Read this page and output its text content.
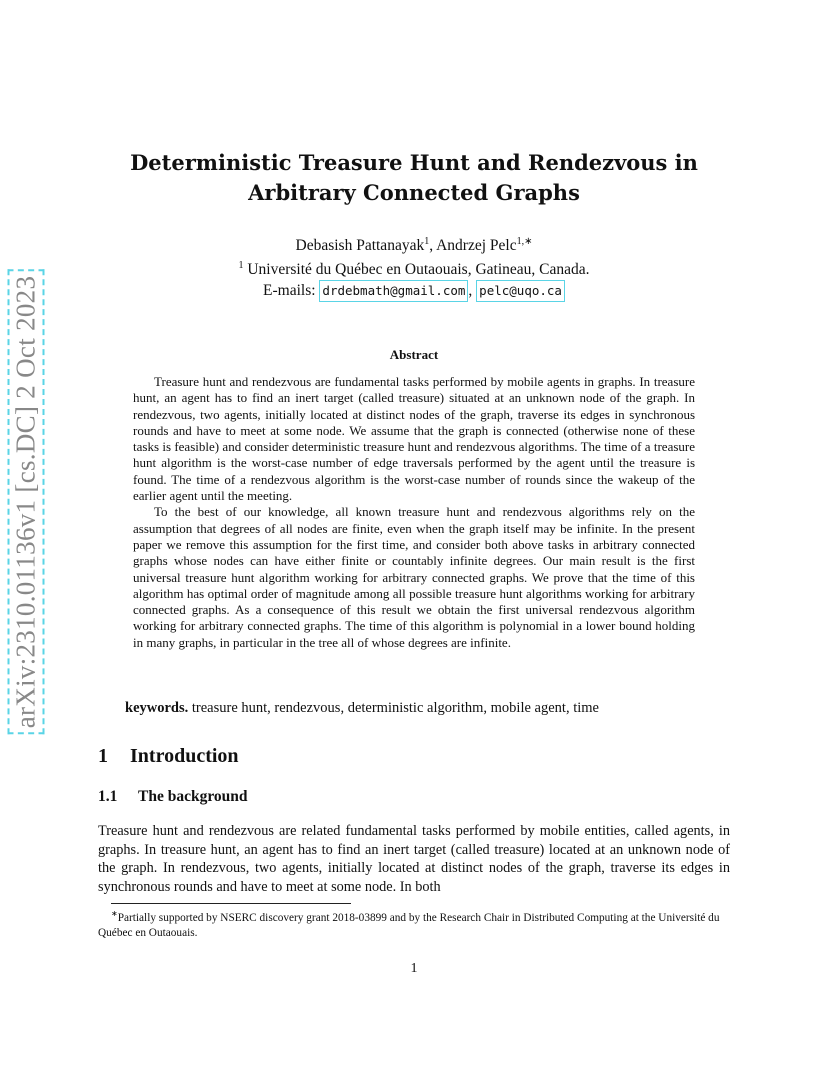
arXiv:2310.01136v1 [cs.DC] 2 Oct 2023
Deterministic Treasure Hunt and Rendezvous in
Arbitrary Connected Graphs
Debasish Pattanayak$^1$, Andrzej Pelc$^{1,∗}$
$^1$ Université du Québec en Outaouais, Gatineau, Canada.
E-mails: drdebmath@gmail.com , pelc@uqo.ca
Abstract

Treasure hunt and rendezvous are fundamental tasks performed by mobile agents in graphs. In treasure hunt, an agent has to find an inert target (called treasure) situated at an unknown node of the graph. In rendezvous, two agents, initially located at distinct nodes of the graph, traverse its edges in synchronous rounds and have to meet at some node. We assume that the graph is connected (otherwise none of these tasks is feasible) and consider deterministic treasure hunt and rendezvous algorithms. The time of a treasure hunt algorithm is the worst-case number of edge traversals performed by the agent until the treasure is found. The time of a rendezvous algorithm is the worst-case number of rounds since the wakeup of the earlier agent until the meeting.

To the best of our knowledge, all known treasure hunt and rendezvous algorithms rely on the assumption that degrees of all nodes are finite, even when the graph itself may be infinite. In the present paper we remove this assumption for the first time, and consider both above tasks in arbitrary connected graphs whose nodes can have either finite or countably infinite degrees. Our main result is the first universal treasure hunt algorithm working for arbitrary connected graphs. We prove that the time of this algorithm has optimal order of magnitude among all possible treasure hunt algorithms working for arbitrary connected graphs. As a consequence of this result we obtain the first universal rendezvous algorithm working for arbitrary connected graphs. The time of this algorithm is polynomial in a lower bound holding in many graphs, in particular in the tree all of whose degrees are infinite.

keywords. treasure hunt, rendezvous, deterministic algorithm, mobile agent, time
1 Introduction
1.1 The background

Treasure hunt and rendezvous are related fundamental tasks performed by mobile entities, called agents, in graphs. In treasure hunt, an agent has to find an inert target (called treasure) located at an unknown node of the graph. In rendezvous, two agents, initially located at distinct nodes of the graph, traverse its edges in synchronous rounds and have to meet at some node. In both

∗Partially supported by NSERC discovery grant 2018-03899 and by the Research Chair in Distributed Computing at the Université du Québec en Outaouais.

1
